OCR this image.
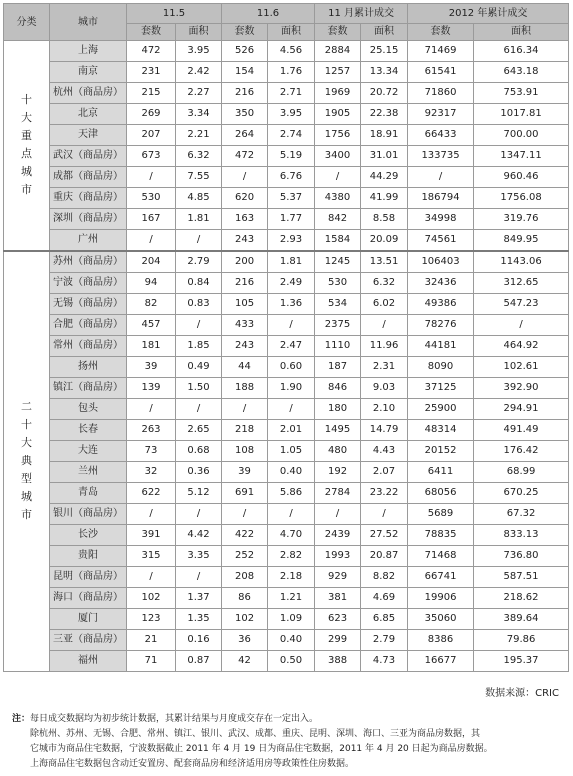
分类	城市	11.5		11.6		11 月累计成交		2012 年累计成交	
		套数	面积	套数	面积	套数	面积	套数	面积
十大重点城市	上海	472	3.95	526	4.56	2884	25.15	71469	616.34
	南京	231	2.42	154	1.76	1257	13.34	61541	643.18
	杭州（商品房）	215	2.27	216	2.71	1969	20.72	71860	753.91
	北京	269	3.34	350	3.95	1905	22.38	92317	1017.81
	天津	207	2.21	264	2.74	1756	18.91	66433	700.00
	武汉（商品房）	673	6.32	472	5.19	3400	31.01	133735	1347.11
	成都（商品房）	/	7.55	/	6.76	/	44.29	/	960.46
	重庆（商品房）	530	4.85	620	5.37	4380	41.99	186794	1756.08
	深圳（商品房）	167	1.81	163	1.77	842	8.58	34998	319.76
	广州	/	/	243	2.93	1584	20.09	74561	849.95
二十大典型城市	苏州（商品房）	204	2.79	200	1.81	1245	13.51	106403	1143.06
	宁波（商品房）	94	0.84	216	2.49	530	6.32	32436	312.65
	无锡（商品房）	82	0.83	105	1.36	534	6.02	49386	547.23
	合肥（商品房）	457	/	433	/	2375	/	78276	/
	常州（商品房）	181	1.85	243	2.47	1110	11.96	44181	464.92
	扬州	39	0.49	44	0.60	187	2.31	8090	102.61
	镇江（商品房）	139	1.50	188	1.90	846	9.03	37125	392.90
	包头	/	/	/	/	180	2.10	25900	294.91
	长春	263	2.65	218	2.01	1495	14.79	48314	491.49
	大连	73	0.68	108	1.05	480	4.43	20152	176.42
	兰州	32	0.36	39	0.40	192	2.07	6411	68.99
	青岛	622	5.12	691	5.86	2784	23.22	68056	670.25
	银川（商品房）	/	/	/	/	/	/	5689	67.32
	长沙	391	4.42	422	4.70	2439	27.52	78835	833.13
	贵阳	315	3.35	252	2.82	1993	20.87	71468	736.80
	昆明（商品房）	/	/	208	2.18	929	8.82	66741	587.51
	海口（商品房）	102	1.37	86	1.21	381	4.69	19906	218.62
	厦门	123	1.35	102	1.09	623	6.85	35060	389.64
	三亚（商品房）	21	0.16	36	0.40	299	2.79	8386	79.86
	福州	71	0.87	42	0.50	388	4.73	16677	195.37
数据来源：CRIC
注： 每日成交数据均为初步统计数据，其累计结果与月度成交存在一定出入。
除杭州、苏州、无锡、合肥、常州、镇江、银川、武汉、成都、重庆、昆明、深圳、海口、三亚为商品房数据，其
它城市为商品住宅数据，宁波数据截止 2011 年 4 月 19 日为商品住宅数据，2011 年 4 月 20 日起为商品房数据。
上海商品住宅数据包含动迁安置房、配套商品房和经济适用房等政策性住房数据。
